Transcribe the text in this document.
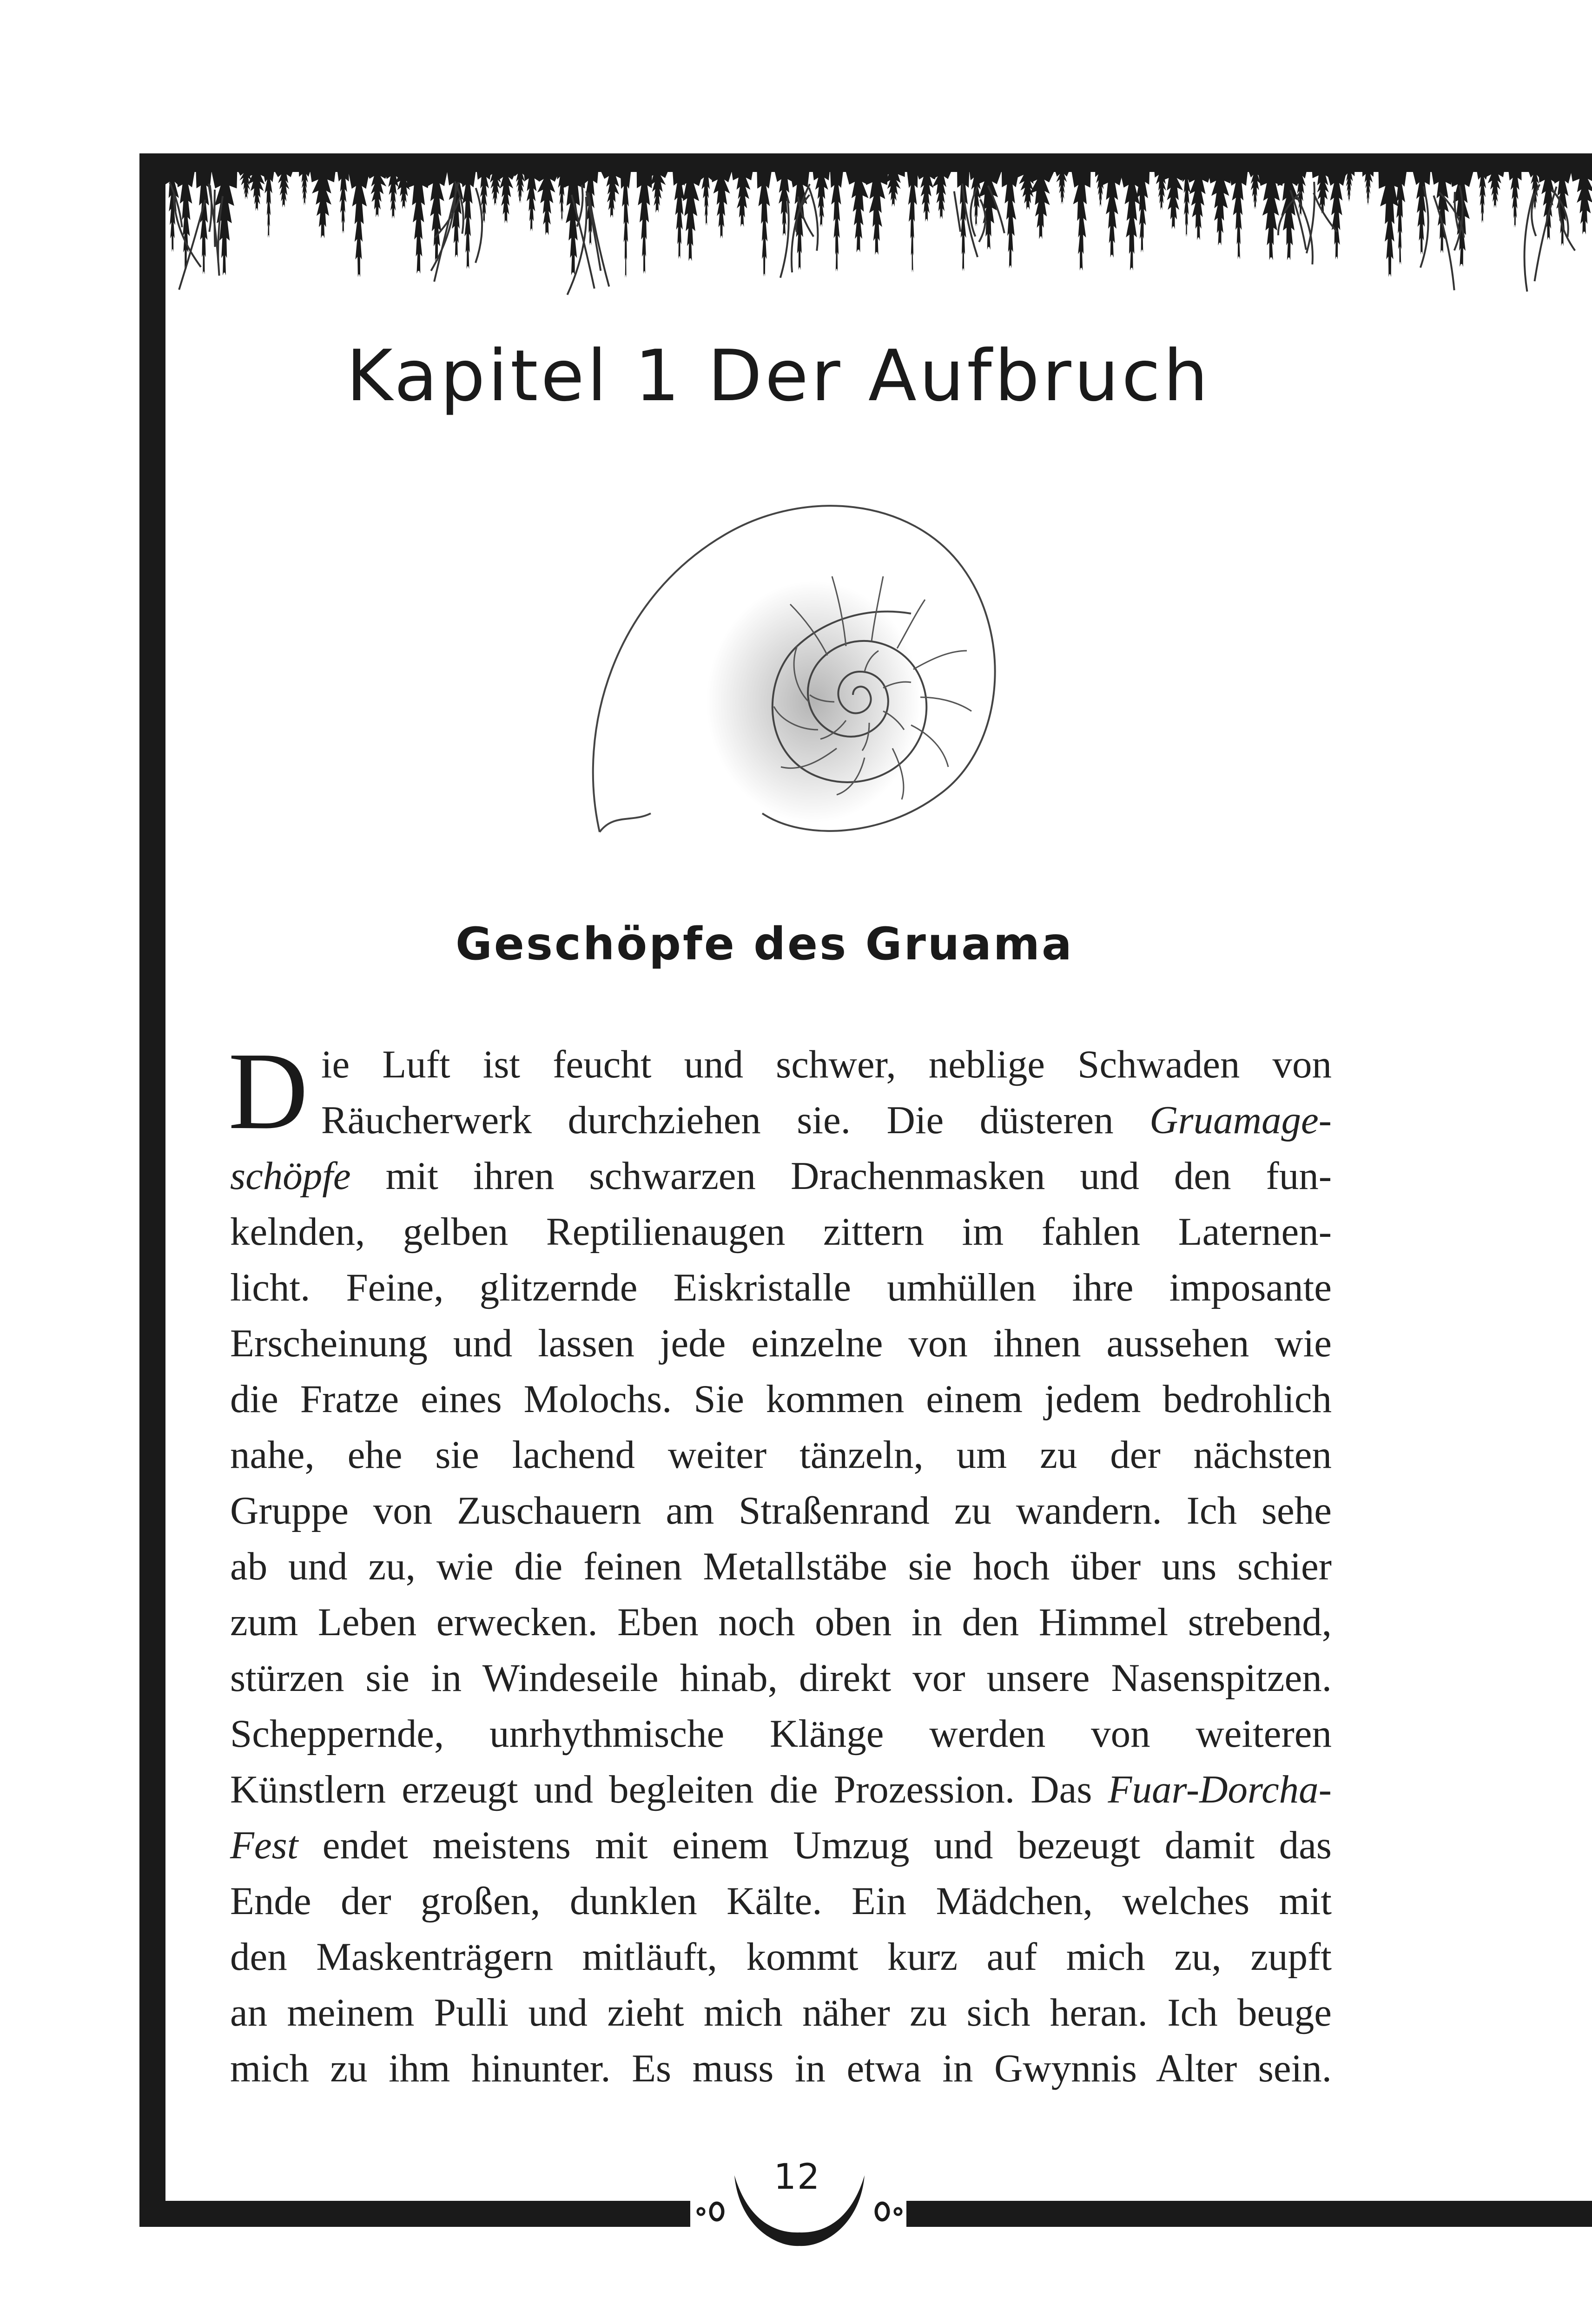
Kapitel 1 Der Aufbruch
Geschöpfe des Gruama
D ie Luft ist feucht und schwer, neblige Schwaden von
Räucherwerk durchziehen sie. Die düsteren Gruamage-
schöpfe mit ihren schwarzen Drachenmasken und den fun-
kelnden, gelben Reptilienaugen zittern im fahlen Laternen-
licht. Feine, glitzernde Eiskristalle umhüllen ihre imposante
Erscheinung und lassen jede einzelne von ihnen aussehen wie
die Fratze eines Molochs. Sie kommen einem jedem bedrohlich
nahe, ehe sie lachend weiter tänzeln, um zu der nächsten
Gruppe von Zuschauern am Straßenrand zu wandern. Ich sehe
ab und zu, wie die feinen Metallstäbe sie hoch über uns schier
zum Leben erwecken. Eben noch oben in den Himmel strebend,
stürzen sie in Windeseile hinab, direkt vor unsere Nasenspitzen.
Scheppernde, unrhythmische Klänge werden von weiteren
Künstlern erzeugt und begleiten die Prozession. Das Fuar-Dorcha-
Fest endet meistens mit einem Umzug und bezeugt damit das
Ende der großen, dunklen Kälte. Ein Mädchen, welches mit
den Maskenträgern mitläuft, kommt kurz auf mich zu, zupft
an meinem Pulli und zieht mich näher zu sich heran. Ich beuge
mich zu ihm hinunter. Es muss in etwa in Gwynnis Alter sein.
12
